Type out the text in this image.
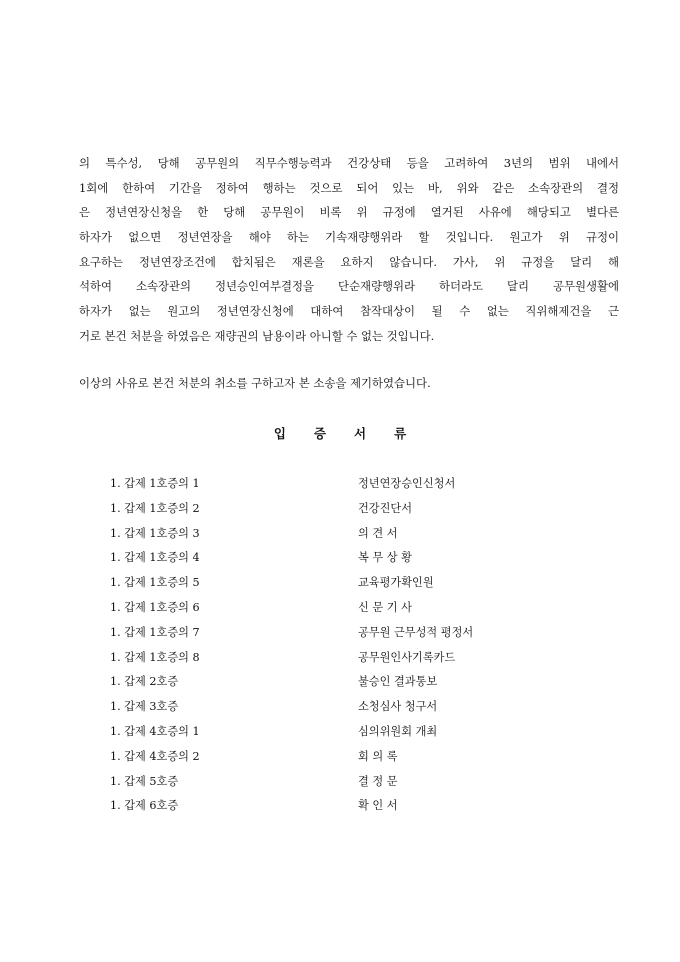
의 특수성, 당해 공무원의 직무수행능력과 건강상태 등을 고려하여 3년의 범위 내에서
1회에 한하여 기간을 정하여 행하는 것으로 되어 있는 바, 위와 같은 소속장관의 결정
은 정년연장신청을 한 당해 공무원이 비록 위 규정에 열거된 사유에 해당되고 별다른
하자가 없으면 정년연장을 해야 하는 기속재량행위라 할 것입니다. 원고가 위 규정이
요구하는 정년연장조건에 합치됨은 재론을 요하지 않습니다. 가사, 위 규정을 달리 해
석하여 소속장관의 정년승인여부결정을 단순재량행위라 하더라도 달리 공무원생활에
하자가 없는 원고의 정년연장신청에 대하여 참작대상이 될 수 없는 직위해제건을 근
거로 본건 처분을 하였음은 재량권의 남용이라 아니할 수 없는 것입니다.

이상의 사유로 본건 처분의 취소를 구하고자 본 소송을 제기하였습니다.

입증서류
1. 갑제 1호증의 1	정년연장승인신청서
1. 갑제 1호증의 2	건강진단서
1. 갑제 1호증의 3	의 견 서
1. 갑제 1호증의 4	복 무 상 황
1. 갑제 1호증의 5	교육평가확인원
1. 갑제 1호증의 6	신 문 기 사
1. 갑제 1호증의 7	공무원 근무성적 평정서
1. 갑제 1호증의 8	공무원인사기록카드
1. 갑제 2호증	불승인 결과통보
1. 갑제 3호증	소청심사 청구서
1. 갑제 4호증의 1	심의위원회 개최
1. 갑제 4호증의 2	회 의 록
1. 갑제 5호증	결 정 문
1. 갑제 6호증	확 인 서
